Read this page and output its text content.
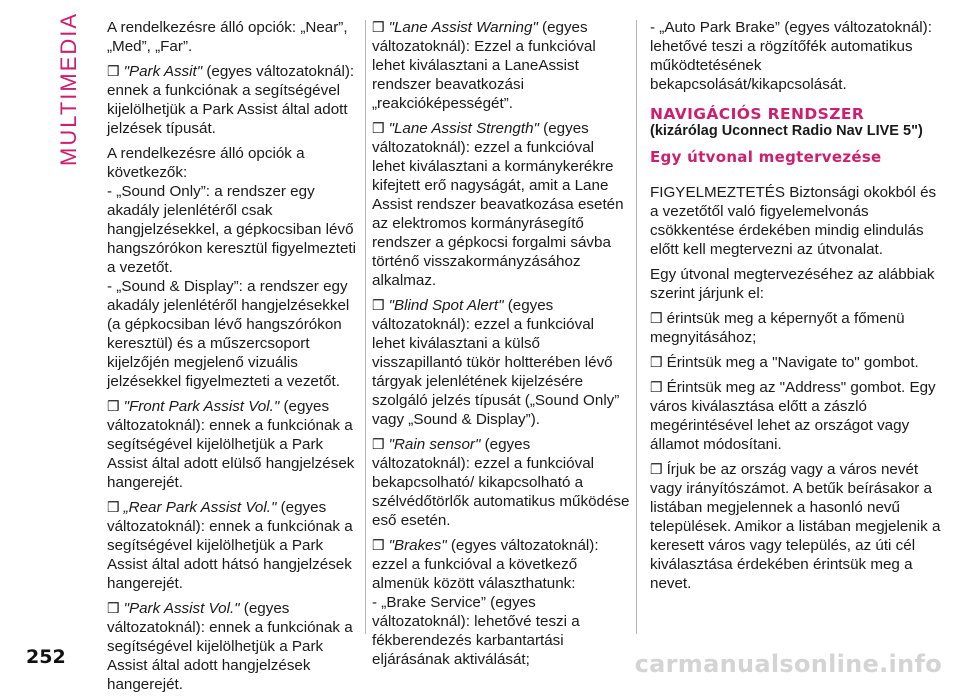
MULTIMEDIA A rendelkezésre álló opciók: „Near”, „Med”, „Far”.

❒ "Park Assit" (egyes változatoknál): ennek a funkciónak a segítségével kijelölhetjük a Park Assist által adott jelzések típusát.

A rendelkezésre álló opciók a következők:

- „Sound Only”: a rendszer egy akadály jelenlétéről csak hangjelzésekkel, a gépkocsiban lévő hangszórókon keresztül figyelmezteti a vezetőt.

- „Sound & Display”: a rendszer egy akadály jelenlétéről hangjelzésekkel (a gépkocsiban lévő hangszórókon keresztül) és a műszercsoport kijelzőjén megjelenő vizuális jelzésekkel figyelmezteti a vezetőt.

❒ "Front Park Assist Vol." (egyes változatoknál): ennek a funkciónak a segítségével kijelölhetjük a Park Assist által adott elülső hangjelzések hangerejét.

❒ „Rear Park Assist Vol." (egyes változatoknál): ennek a funkciónak a segítségével kijelölhetjük a Park Assist által adott hátsó hangjelzések hangerejét.

❒ "Park Assist Vol." (egyes változatoknál): ennek a funkciónak a segítségével kijelölhetjük a Park Assist által adott hangjelzések hangerejét.

❒ "Lane Assist Warning" (egyes változatoknál): Ezzel a funkcióval lehet kiválasztani a LaneAssist rendszer beavatkozási „reakcióképességét”.

❒ "Lane Assist Strength" (egyes változatoknál): ezzel a funkcióval lehet kiválasztani a kormánykerékre kifejtett erő nagyságát, amit a Lane Assist rendszer beavatkozása esetén az elektromos kormányrásegítő rendszer a gépkocsi forgalmi sávba történő visszakormányzásához alkalmaz.

❒ "Blind Spot Alert" (egyes változatoknál): ezzel a funkcióval lehet kiválasztani a külső visszapillantó tükör holtterében lévő tárgyak jelenlétének kijelzésére szolgáló jelzés típusát („Sound Only” vagy „Sound & Display”).

❒ "Rain sensor" (egyes változatoknál): ezzel a funkcióval bekapcsolható/ kikapcsolható a szélvédőtörlők automatikus működése eső esetén.

❒ "Brakes" (egyes változatoknál): ezzel a funkcióval a következő almenük között választhatunk:

- „Brake Service” (egyes változatoknál): lehetővé teszi a fékberendezés karbantartási eljárásának aktiválását;

- „Auto Park Brake” (egyes változatoknál): lehetővé teszi a rögzítőfék automatikus működtetésének bekapcsolását/kikapcsolását.

NAVIGÁCIÓS RENDSZER
(kizárólag Uconnect Radio Nav LIVE 5")
Egy útvonal megtervezése

FIGYELMEZTETÉS Biztonsági okokból és a vezetőtől való figyelemelvonás csökkentése érdekében mindig elindulás előtt kell megtervezni az útvonalat.

Egy útvonal megtervezéséhez az alábbiak szerint járjunk el:

❒ érintsük meg a képernyőt a főmenü megnyitásához;

❒ Érintsük meg a "Navigate to" gombot.

❒ Érintsük meg az "Address" gombot. Egy város kiválasztása előtt a zászló megérintésével lehet az országot vagy államot módosítani.

❒ Írjuk be az ország vagy a város nevét vagy irányítószámot. A betűk beírásakor a listában megjelennek a hasonló nevű települések. Amikor a listában megjelenik a keresett város vagy település, az úti cél kiválasztása érdekében érintsük meg a nevet.

252	carmanualsonline.info
